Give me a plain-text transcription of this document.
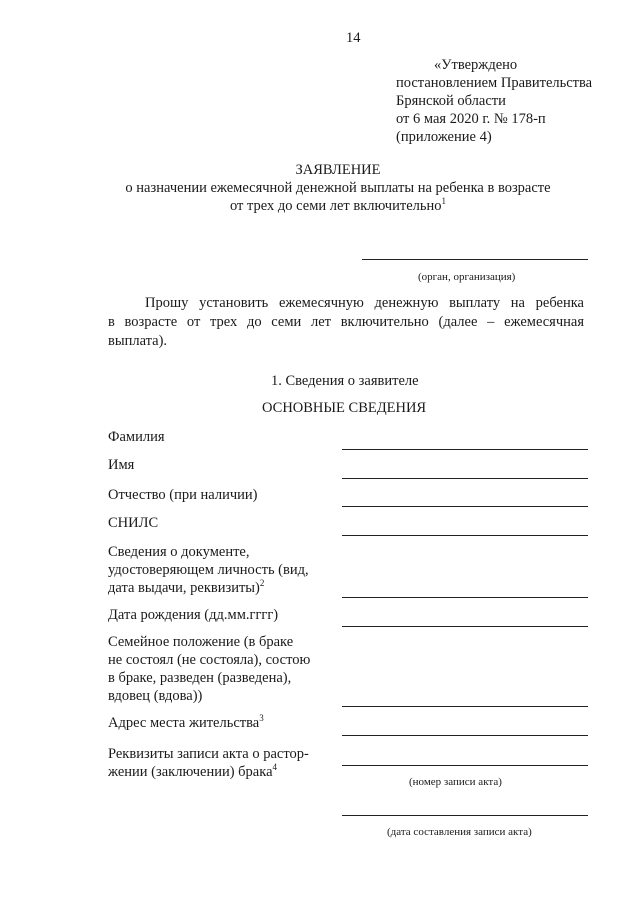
14
«Утверждено
постановлением Правительства
Брянской области
от 6 мая 2020 г. № 178-п
(приложение 4)
ЗАЯВЛЕНИЕ
о назначении ежемесячной денежной выплаты на ребенка в возрасте
от трех до семи лет включительно$^1$
(орган, организация)
Прошу установить ежемесячную денежную выплату на ребенка
в возрасте от трех до семи лет включительно (далее – ежемесячная
выплата).
1. Сведения о заявителе
ОСНОВНЫЕ СВЕДЕНИЯ
Фамилия
Имя
Отчество (при наличии)
СНИЛС
Сведения о документе,
удостоверяющем личность (вид,
дата выдачи, реквизиты)$^2$
Дата рождения (дд.мм.гггг)
Семейное положение (в браке
не состоял (не состояла), состою
в браке, разведен (разведена),
вдовец (вдова))
Адрес места жительства$^3$
Реквизиты записи акта о растор-
жении (заключении) брака$^4$
(номер записи акта)
(дата составления записи акта)
